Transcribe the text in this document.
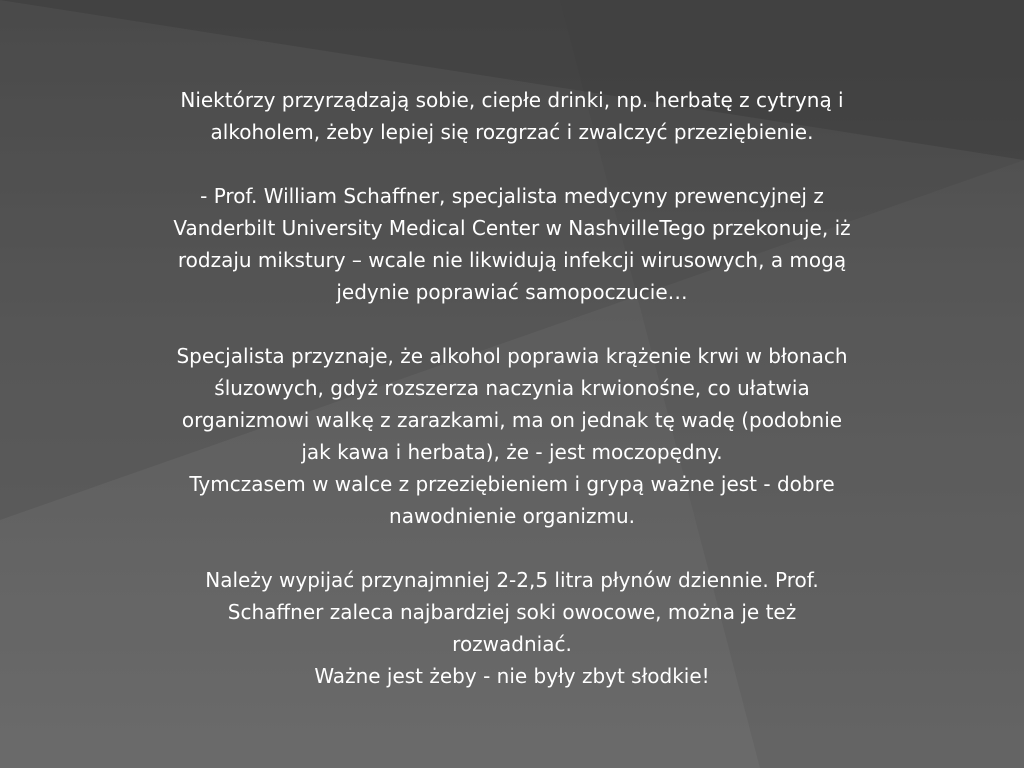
Niektórzy przyrządzają sobie, ciepłe drinki, np. herbatę z cytryną i
alkoholem, żeby lepiej się rozgrzać i zwalczyć przeziębienie.
- Prof. William Schaffner, specjalista medycyny prewencyjnej z
Vanderbilt University Medical Center w NashvilleTego przekonuje, iż
rodzaju mikstury – wcale nie likwidują infekcji wirusowych, a mogą
jedynie poprawiać samopoczucie…
Specjalista przyznaje, że alkohol poprawia krążenie krwi w błonach
śluzowych, gdyż rozszerza naczynia krwionośne, co ułatwia
organizmowi walkę z zarazkami, ma on jednak tę wadę (podobnie
jak kawa i herbata), że - jest moczopędny.
Tymczasem w walce z przeziębieniem i grypą ważne jest - dobre
nawodnienie organizmu.
Należy wypijać przynajmniej 2-2,5 litra płynów dziennie. Prof.
Schaffner zaleca najbardziej soki owocowe, można je też
rozwadniać.
Ważne jest żeby - nie były zbyt słodkie!
